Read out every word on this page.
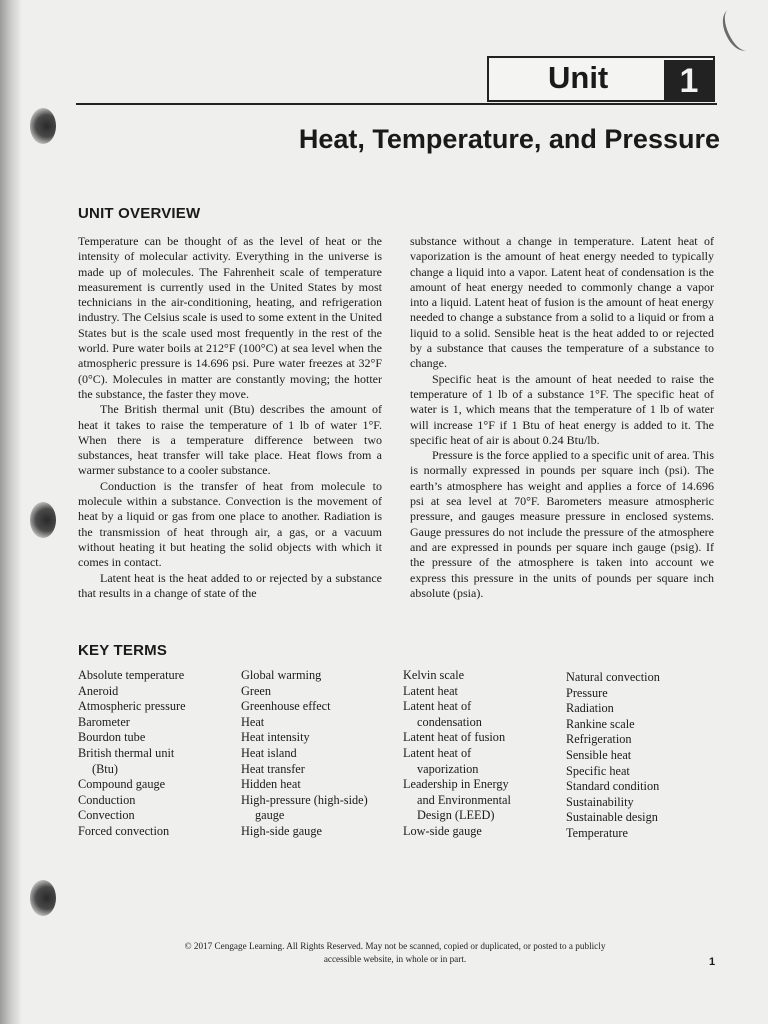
Unit	1
Heat, Temperature, and Pressure
UNIT OVERVIEW

Temperature can be thought of as the level of heat or the intensity of molecular activity. Everything in the universe is made up of molecules. The Fahrenheit scale of temperature measurement is currently used in the United States by most technicians in the air-conditioning, heating, and refrigeration industry. The Celsius scale is used to some extent in the United States but is the scale used most frequently in the rest of the world. Pure water boils at 212°F (100°C) at sea level when the atmospheric pressure is 14.696 psi. Pure water freezes at 32°F (0°C). Molecules in matter are constantly moving; the hotter the substance, the faster they move.

The British thermal unit (Btu) describes the amount of heat it takes to raise the temperature of 1 lb of water 1°F. When there is a temperature difference between two substances, heat transfer will take place. Heat flows from a warmer substance to a cooler substance.

Conduction is the transfer of heat from molecule to molecule within a substance. Convection is the movement of heat by a liquid or gas from one place to another. Radiation is the transmission of heat through air, a gas, or a vacuum without heating it but heating the solid objects with which it comes in contact.

Latent heat is the heat added to or rejected by a substance that results in a change of state of the

substance without a change in temperature. Latent heat of vaporization is the amount of heat energy needed to typically change a liquid into a vapor. Latent heat of condensation is the amount of heat energy needed to commonly change a vapor into a liquid. Latent heat of fusion is the amount of heat energy needed to change a substance from a solid to a liquid or from a liquid to a solid. Sensible heat is the heat added to or rejected by a substance that causes the temperature of a substance to change.

Specific heat is the amount of heat needed to raise the temperature of 1 lb of a substance 1°F. The specific heat of water is 1, which means that the temperature of 1 lb of water will increase 1°F if 1 Btu of heat energy is added to it. The specific heat of air is about 0.24 Btu/lb.

Pressure is the force applied to a specific unit of area. This is normally expressed in pounds per square inch (psi). The earth’s atmosphere has weight and applies a force of 14.696 psi at sea level at 70°F. Barometers measure atmospheric pressure, and gauges measure pressure in enclosed systems. Gauge pressures do not include the pressure of the atmosphere and are expressed in pounds per square inch gauge (psig). If the pressure of the atmosphere is taken into account we express this pressure in the units of pounds per square inch absolute (psia).

KEY TERMS
Absolute temperature
Aneroid
Atmospheric pressure
Barometer
Bourdon tube
British thermal unit
(Btu)
Compound gauge
Conduction
Convection
Forced convection
Global warming
Green
Greenhouse effect
Heat
Heat intensity
Heat island
Heat transfer
Hidden heat
High-pressure (high-side)
gauge
High-side gauge
Kelvin scale
Latent heat
Latent heat of
condensation
Latent heat of fusion
Latent heat of
vaporization
Leadership in Energy
and Environmental
Design (LEED)
Low-side gauge
Natural convection
Pressure
Radiation
Rankine scale
Refrigeration
Sensible heat
Specific heat
Standard condition
Sustainability
Sustainable design
Temperature
© 2017 Cengage Learning. All Rights Reserved. May not be scanned, copied or duplicated, or posted to a publicly
accessible website, in whole or in part.	1
